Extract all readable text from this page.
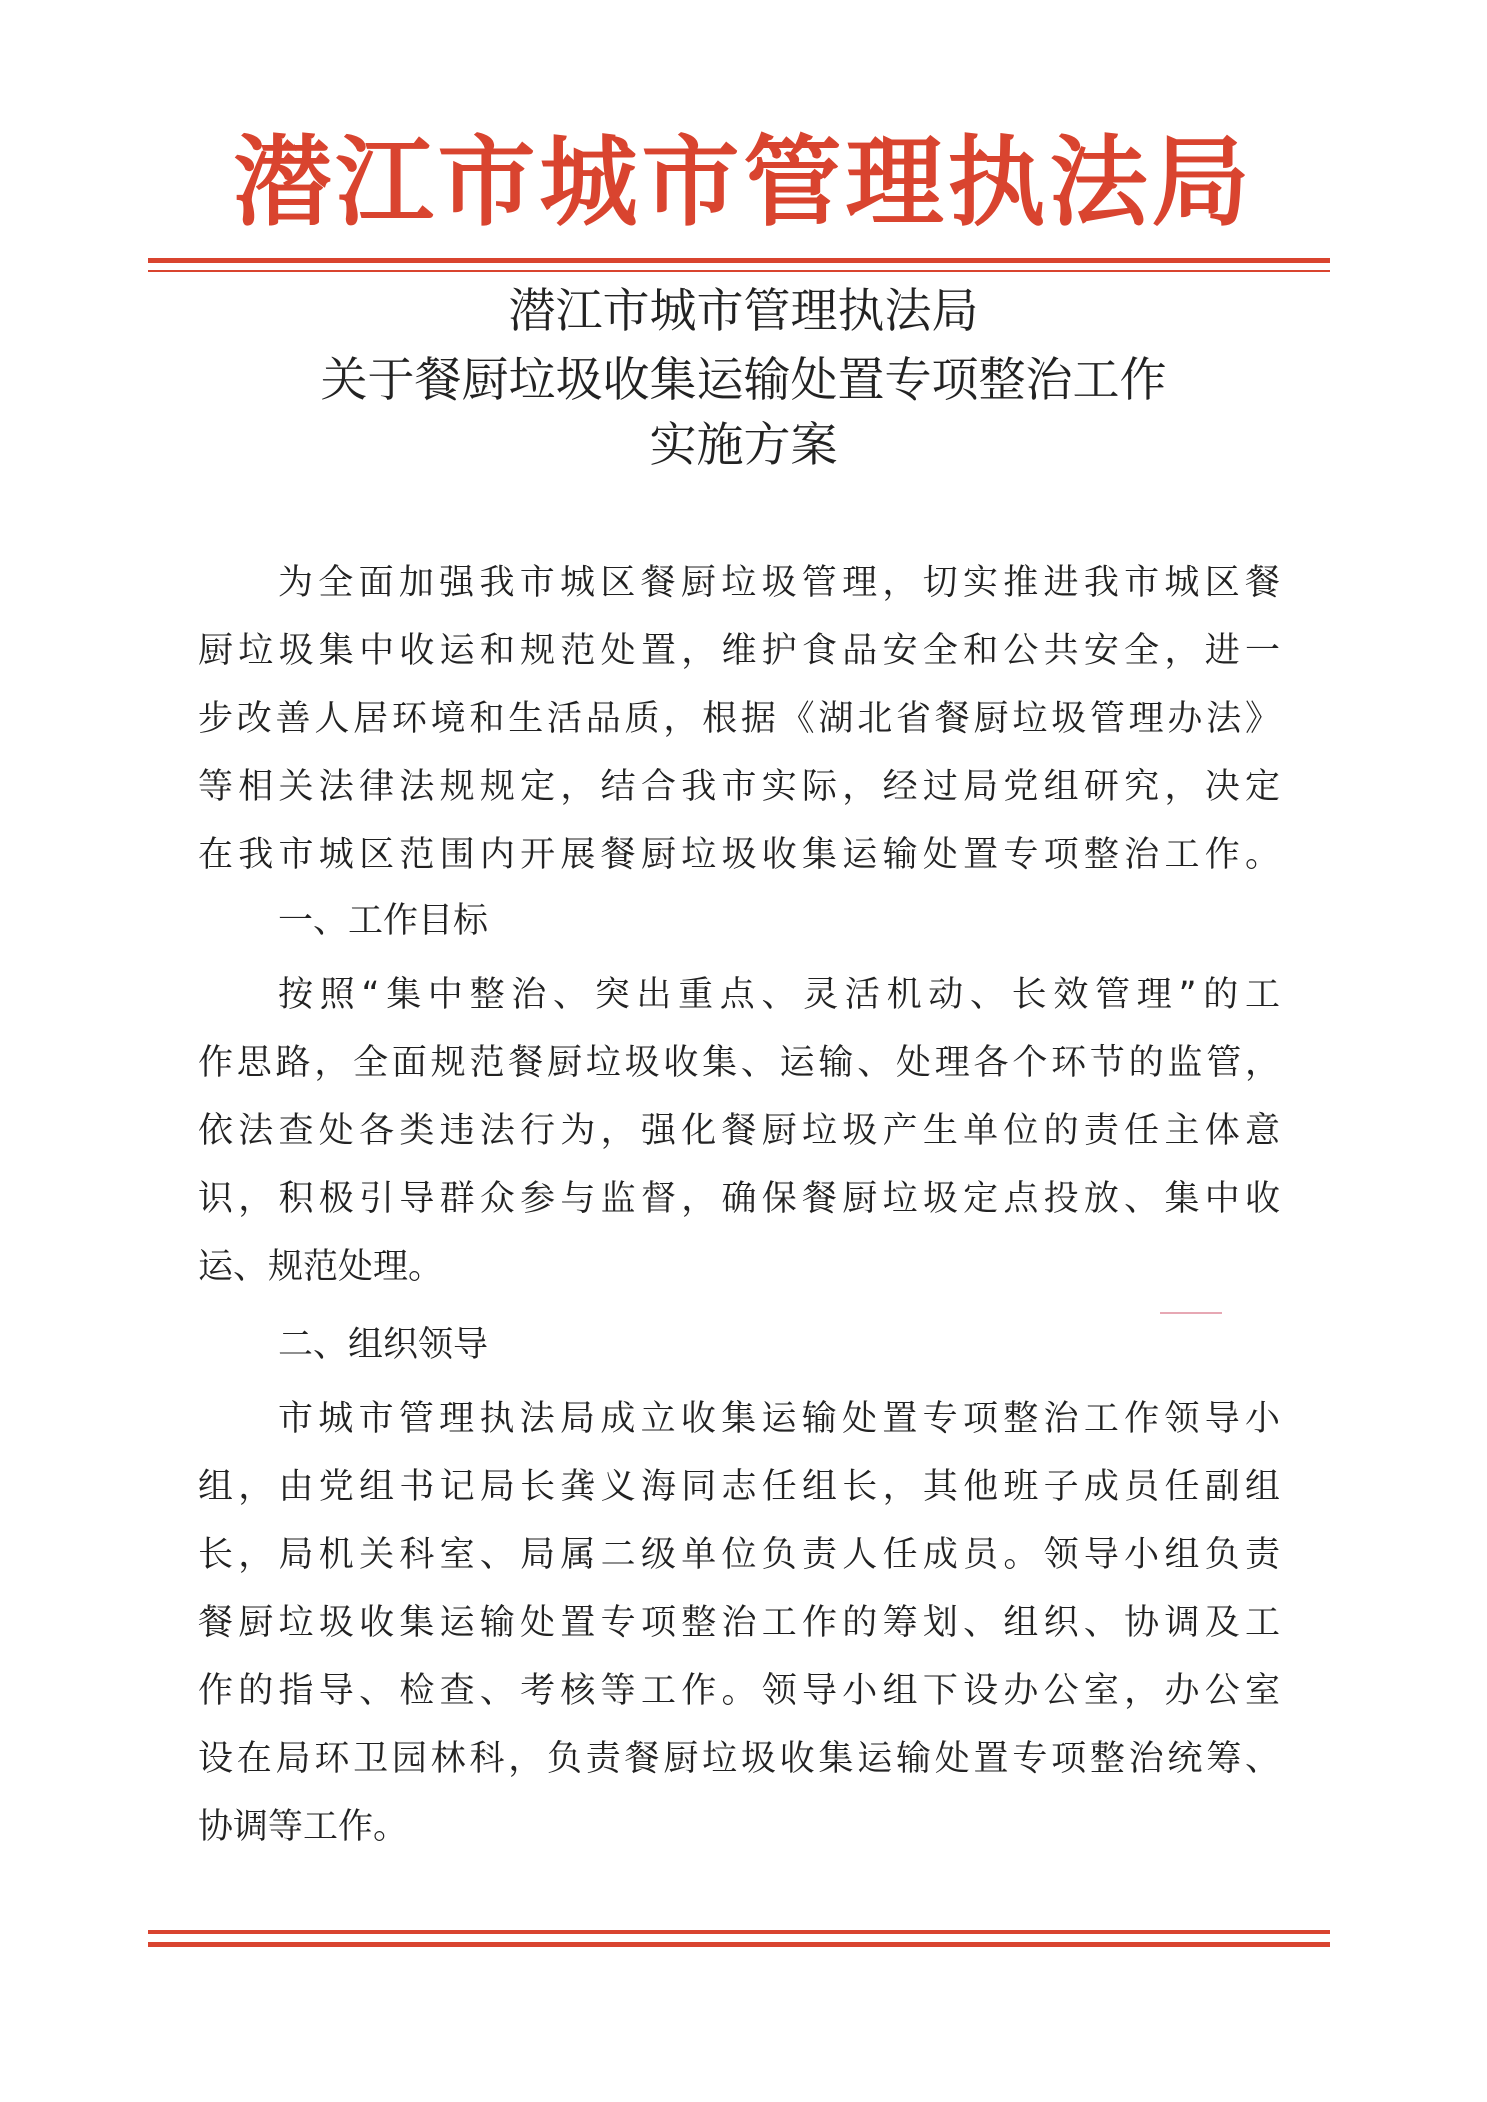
潜江市城市管理执法局
潜江市城市管理执法局
关于餐厨垃圾收集运输处置专项整治工作
实施方案
为全面加强我市城区餐厨垃圾管理，切实推进我市城区餐
厨垃圾集中收运和规范处置，维护食品安全和公共安全，进一
步改善人居环境和生活品质，根据《湖北省餐厨垃圾管理办法》
等相关法律法规规定，结合我市实际，经过局党组研究，决定
在我市城区范围内开展餐厨垃圾收集运输处置专项整治工作。
一、工作目标
按照“集中整治、突出重点、灵活机动、长效管理”的工
作思路，全面规范餐厨垃圾收集、运输、处理各个环节的监管，
依法查处各类违法行为，强化餐厨垃圾产生单位的责任主体意
识，积极引导群众参与监督，确保餐厨垃圾定点投放、集中收
运、规范处理。
二、组织领导
市城市管理执法局成立收集运输处置专项整治工作领导小
组，由党组书记局长龚义海同志任组长，其他班子成员任副组
长，局机关科室、局属二级单位负责人任成员。领导小组负责
餐厨垃圾收集运输处置专项整治工作的筹划、组织、协调及工
作的指导、检查、考核等工作。领导小组下设办公室，办公室
设在局环卫园林科，负责餐厨垃圾收集运输处置专项整治统筹、
协调等工作。
